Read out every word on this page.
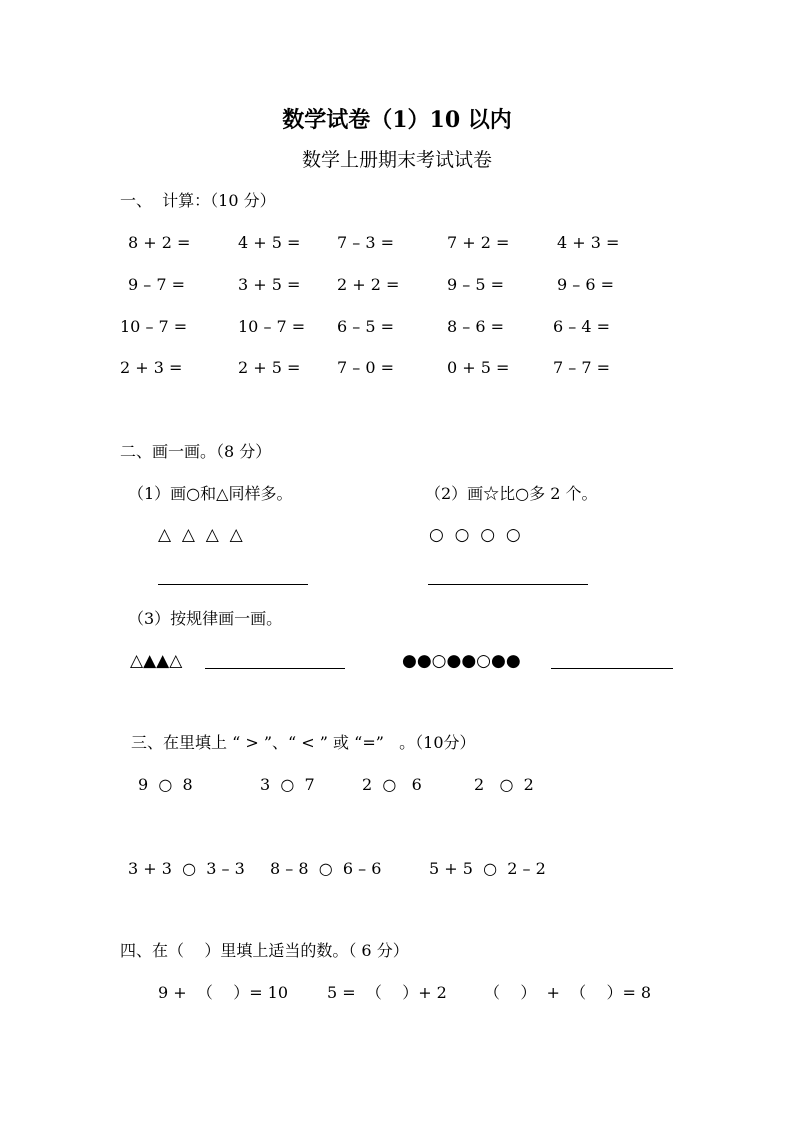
数学试卷（1）10 以内
数学上册期末考试试卷
一、  计算：（10 分）
8 + 2 =	4 + 5 = 7 – 3 =	7 + 2 =	4 + 3 =
9 – 7 =	3 + 5 = 2 + 2 =	9 – 5 =	9 – 6 =
10 – 7 =	10 – 7 = 6 – 5 =	8 – 6 =	6 – 4 =
2 + 3 =	2 + 5 = 7 – 0 =	0 + 5 =	7 – 7 =
二、画一画。（8 分）
（1）画○和△同样多。	（2）画☆比○多 2 个。
△  △  △  △	○  ○  ○  ○
（3）按规律画一画。
△▲▲△	●●○●●○●●
三、在里填上 “ > ”、“ < ” 或 “=”   。（10分）
9  ○  8	3  ○  7	2  ○   6	2   ○  2
3 + 3  ○  3 – 3 8 – 8  ○  6 – 6	5 + 5  ○  2 – 2
四、在（    ）里填上适当的数。（ 6 分）
9 +  （    ）= 10 5 =  （    ）+ 2 （    ）  +  （    ）= 8
